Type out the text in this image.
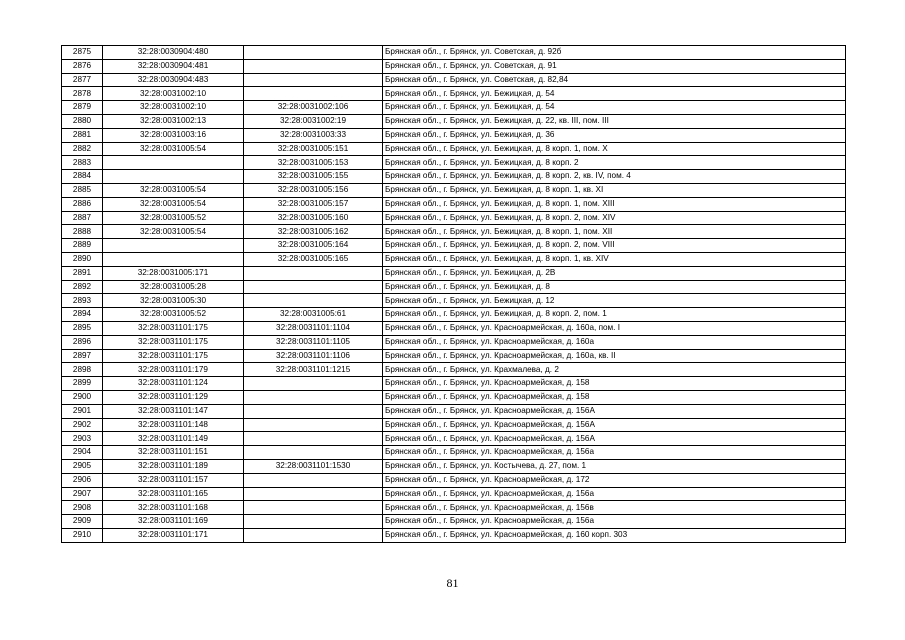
2875	32:28:0030904:480		Брянская обл., г. Брянск, ул. Советская, д. 92б
2876	32:28:0030904:481		Брянская обл., г. Брянск, ул. Советская, д. 91
2877	32:28:0030904:483		Брянская обл., г. Брянск, ул. Советская, д. 82,84
2878	32:28:0031002:10		Брянская обл., г. Брянск, ул. Бежицкая, д. 54
2879	32:28:0031002:10	32:28:0031002:106	Брянская обл., г. Брянск, ул. Бежицкая, д. 54
2880	32:28:0031002:13	32:28:0031002:19	Брянская обл., г. Брянск, ул. Бежицкая, д. 22, кв. III, пом. III
2881	32:28:0031003:16	32:28:0031003:33	Брянская обл., г. Брянск, ул. Бежицкая, д. 36
2882	32:28:0031005:54	32:28:0031005:151	Брянская обл., г. Брянск, ул. Бежицкая, д. 8 корп. 1, пом. X
2883		32:28:0031005:153	Брянская обл., г. Брянск, ул. Бежицкая, д. 8 корп. 2
2884		32:28:0031005:155	Брянская обл., г. Брянск, ул. Бежицкая, д. 8 корп. 2, кв. IV, пом. 4
2885	32:28:0031005:54	32:28:0031005:156	Брянская обл., г. Брянск, ул. Бежицкая, д. 8 корп. 1, кв. XI
2886	32:28:0031005:54	32:28:0031005:157	Брянская обл., г. Брянск, ул. Бежицкая, д. 8 корп. 1, пом. XIII
2887	32:28:0031005:52	32:28:0031005:160	Брянская обл., г. Брянск, ул. Бежицкая, д. 8 корп. 2, пом. XIV
2888	32:28:0031005:54	32:28:0031005:162	Брянская обл., г. Брянск, ул. Бежицкая, д. 8 корп. 1, пом. XII
2889		32:28:0031005:164	Брянская обл., г. Брянск, ул. Бежицкая, д. 8 корп. 2, пом. VIII
2890		32:28:0031005:165	Брянская обл., г. Брянск, ул. Бежицкая, д. 8 корп. 1, кв. XIV
2891	32:28:0031005:171		Брянская обл., г. Брянск, ул. Бежицкая, д. 2В
2892	32:28:0031005:28		Брянская обл., г. Брянск, ул. Бежицкая, д. 8
2893	32:28:0031005:30		Брянская обл., г. Брянск, ул. Бежицкая, д. 12
2894	32:28:0031005:52	32:28:0031005:61	Брянская обл., г. Брянск, ул. Бежицкая, д. 8 корп. 2, пом. 1
2895	32:28:0031101:175	32:28:0031101:1104	Брянская обл., г. Брянск, ул. Красноармейская, д. 160а, пом. I
2896	32:28:0031101:175	32:28:0031101:1105	Брянская обл., г. Брянск, ул. Красноармейская, д. 160а
2897	32:28:0031101:175	32:28:0031101:1106	Брянская обл., г. Брянск, ул. Красноармейская, д. 160а, кв. II
2898	32:28:0031101:179	32:28:0031101:1215	Брянская обл., г. Брянск, ул. Крахмалева, д. 2
2899	32:28:0031101:124		Брянская обл., г. Брянск, ул. Красноармейская, д. 158
2900	32:28:0031101:129		Брянская обл., г. Брянск, ул. Красноармейская, д. 158
2901	32:28:0031101:147		Брянская обл., г. Брянск, ул. Красноармейская, д. 156А
2902	32:28:0031101:148		Брянская обл., г. Брянск, ул. Красноармейская, д. 156А
2903	32:28:0031101:149		Брянская обл., г. Брянск, ул. Красноармейская, д. 156А
2904	32:28:0031101:151		Брянская обл., г. Брянск, ул. Красноармейская, д. 156а
2905	32:28:0031101:189	32:28:0031101:1530	Брянская обл., г. Брянск, ул. Костычева, д. 27, пом. 1
2906	32:28:0031101:157		Брянская обл., г. Брянск, ул. Красноармейская, д. 172
2907	32:28:0031101:165		Брянская обл., г. Брянск, ул. Красноармейская, д. 156а
2908	32:28:0031101:168		Брянская обл., г. Брянск, ул. Красноармейская, д. 156в
2909	32:28:0031101:169		Брянская обл., г. Брянск, ул. Красноармейская, д. 156а
2910	32:28:0031101:171		Брянская обл., г. Брянск, ул. Красноармейская, д. 160 корп. 303
81
